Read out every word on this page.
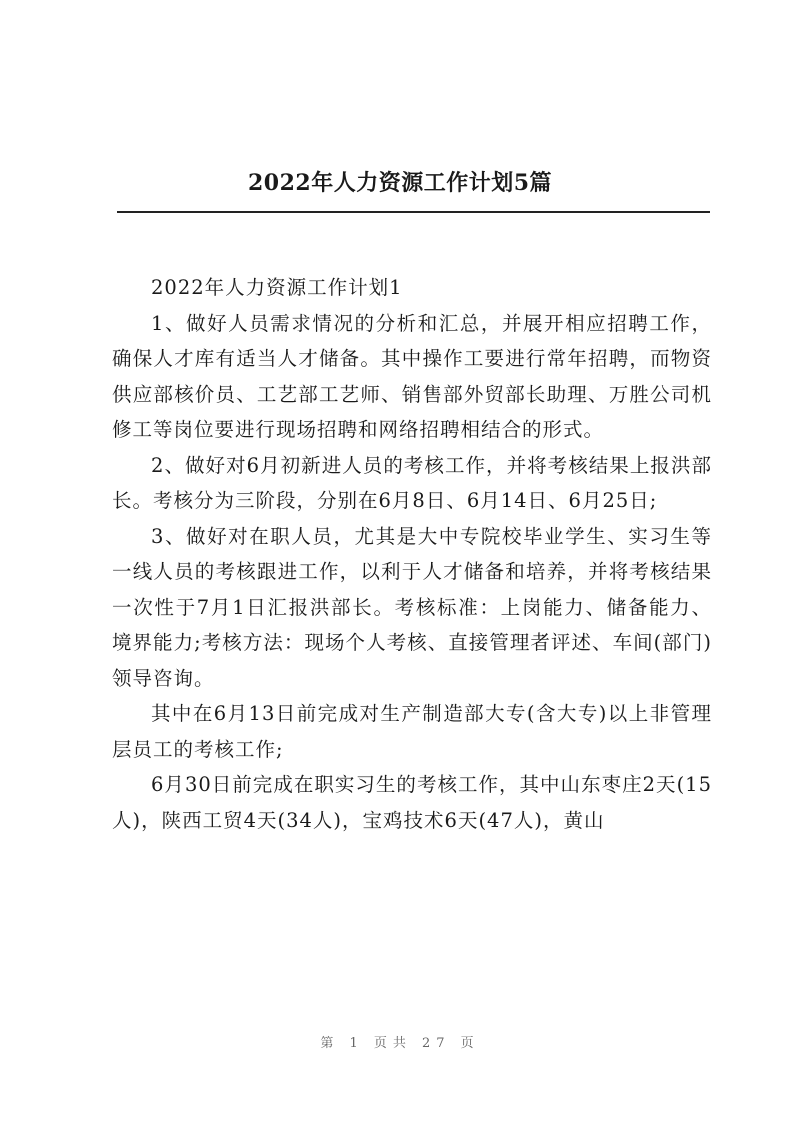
2022年人力资源工作计划5篇

2022年人力资源工作计划1

1、做好人员需求情况的分析和汇总，并展开相应招聘工作，确保人才库有适当人才储备。其中操作工要进行常年招聘，而物资供应部核价员、工艺部工艺师、销售部外贸部长助理、万胜公司机修工等岗位要进行现场招聘和网络招聘相结合的形式。

2、做好对6月初新进人员的考核工作，并将考核结果上报洪部长。考核分为三阶段，分别在6月8日、6月14日、6月25日;

3、做好对在职人员，尤其是大中专院校毕业学生、实习生等一线人员的考核跟进工作，以利于人才储备和培养，并将考核结果一次性于7月1日汇报洪部长。考核标准：上岗能力、储备能力、境界能力;考核方法：现场个人考核、直接管理者评述、车间(部门)领导咨询。

其中在6月13日前完成对生产制造部大专(含大专)以上非管理层员工的考核工作;

6月30日前完成在职实习生的考核工作，其中山东枣庄2天(15人)，陕西工贸4天(34人)，宝鸡技术6天(47人)，黄山

第 1 页共 27 页
